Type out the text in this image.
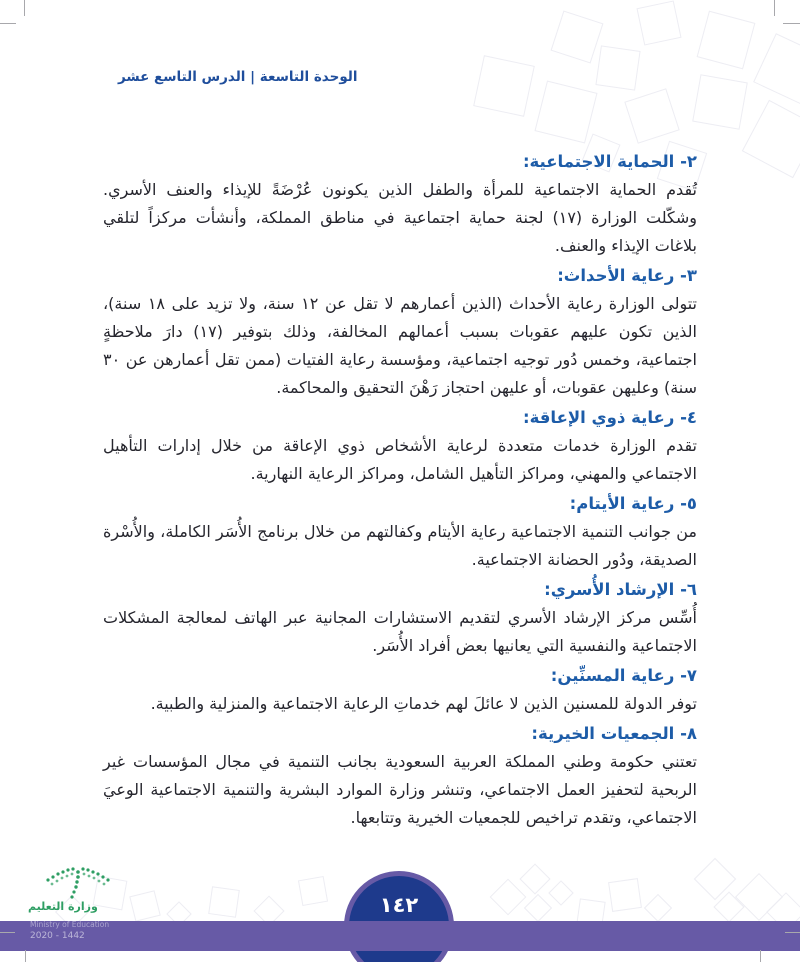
الوحدة التاسعة | الدرس التاسع عشر
٢- الحماية الاجتماعية:

تُقدم الحماية الاجتماعية للمرأة والطفل الذين يكونون عُرْضَةً للإيذاء والعنف الأسري. وشكّلت الوزارة (١٧) لجنة حماية اجتماعية في مناطق المملكة، وأنشأت مركزاً لتلقي بلاغات الإيذاء والعنف.

٣- رعاية الأحداث:

تتولى الوزارة رعاية الأحداث (الذين أعمارهم لا تقل عن ١٢ سنة، ولا تزيد على ١٨ سنة)، الذين تكون عليهم عقوبات بسبب أعمالهم المخالفة، وذلك بتوفير (١٧) دارَ ملاحظةٍ اجتماعية، وخمس دُور توجيه اجتماعية، ومؤسسة رعاية الفتيات (ممن تقل أعمارهن عن ٣٠ سنة) وعليهن عقوبات، أو عليهن احتجاز رَهْنَ التحقيق والمحاكمة.

٤- رعاية ذوي الإعاقة:

تقدم الوزارة خدمات متعددة لرعاية الأشخاص ذوي الإعاقة من خلال إدارات التأهيل الاجتماعي والمهني، ومراكز التأهيل الشامل، ومراكز الرعاية النهارية.

٥- رعاية الأيتام:

من جوانب التنمية الاجتماعية رعاية الأيتام وكفالتهم من خلال برنامج الأُسَر الكاملة، والأُسْرة الصديقة، ودُور الحضانة الاجتماعية.

٦- الإرشاد الأُسري:

أُسِّس مركز الإرشاد الأسري لتقديم الاستشارات المجانية عبر الهاتف لمعالجة المشكلات الاجتماعية والنفسية التي يعانيها بعض أفراد الأُسَر.

٧- رعاية المسنِّين:

توفر الدولة للمسنين الذين لا عائلَ لهم خدماتِ الرعاية الاجتماعية والمنزلية والطبية.

٨- الجمعيات الخيرية:

تعتني حكومة وطني المملكة العربية السعودية بجانب التنمية في مجال المؤسسات غير الربحية لتحفيز العمل الاجتماعي، وتنشر وزارة الموارد البشرية والتنمية الاجتماعية الوعيَ الاجتماعي، وتقدم تراخيص للجمعيات الخيرية وتتابعها.

١٤٢
وزارة التعليم
Ministry of Education
2020 - 1442
